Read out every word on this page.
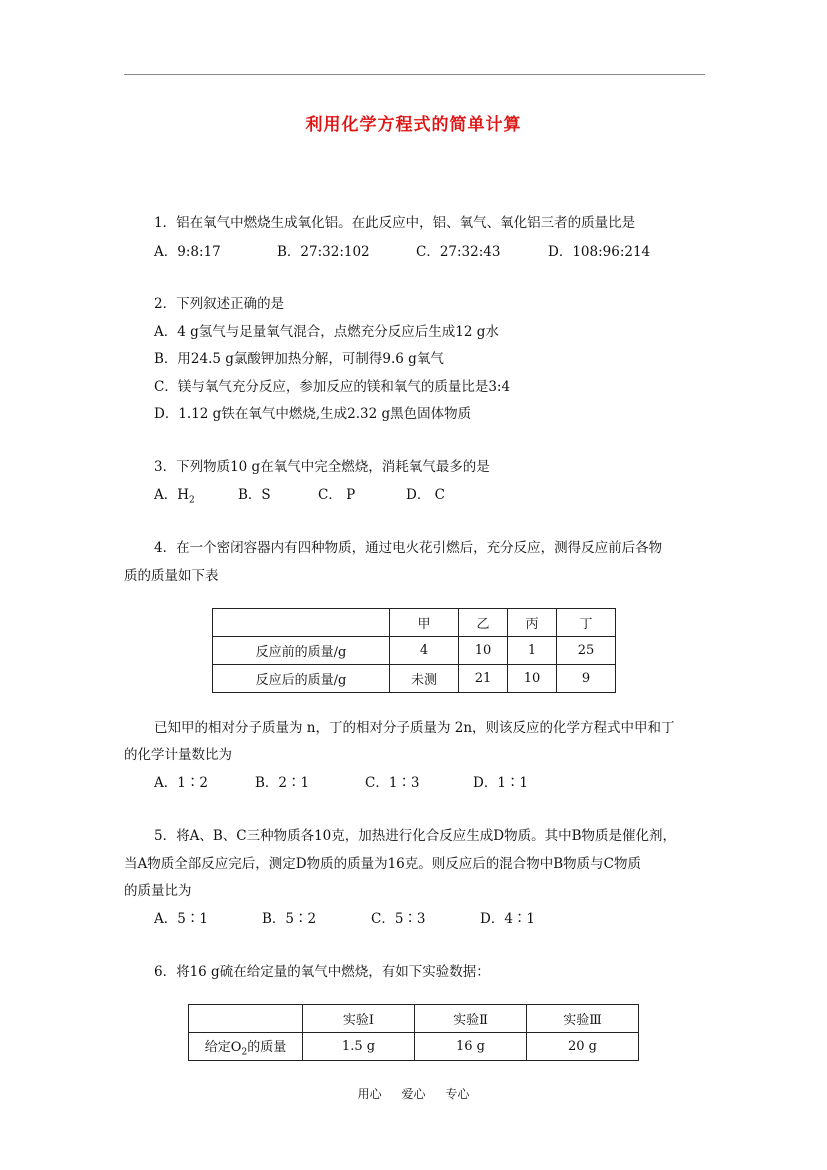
利用化学方程式的简单计算
1．铝在氧气中燃烧生成氧化铝。在此反应中，铝、氧气、氧化铝三者的质量比是
A．9:8:17	B．27:32:102	C．27:32:43	D．108:96:214
2．下列叙述正确的是
A．4 g氢气与足量氧气混合，点燃充分反应后生成12 g水
B．用24.5 g氯酸钾加热分解，可制得9.6 g氧气
C．镁与氧气充分反应，参加反应的镁和氧气的质量比是3:4
D．1.12 g铁在氧气中燃烧,生成2.32 g黑色固体物质
3．下列物质10 g在氧气中完全燃烧，消耗氧气最多的是
A．$H_2$	B．S	C． P	D． C
4．在一个密闭容器内有四种物质，通过电火花引燃后，充分反应，测得反应前后各物
质的质量如下表
	甲	乙	丙	丁
反应前的质量/g	4	10	1	25
反应后的质量/g	未测	21	10	9
已知甲的相对分子质量为 n，丁的相对分子质量为 2n，则该反应的化学方程式中甲和丁
的化学计量数比为
A．1∶2	B．2∶1	C．1∶3	D．1∶1
5．将A、B、C三种物质各10克，加热进行化合反应生成D物质。其中B物质是催化剂，
当A物质全部反应完后，测定D物质的质量为16克。则反应后的混合物中B物质与C物质
的质量比为
A．5∶1	B．5∶2	C．5∶3	D．4∶1
6．将16 g硫在给定量的氧气中燃烧，有如下实验数据：
	实验Ⅰ	实验Ⅱ	实验Ⅲ
给定$O_2$的质量	1.5 g	16 g	20 g
用心 爱心 专心
